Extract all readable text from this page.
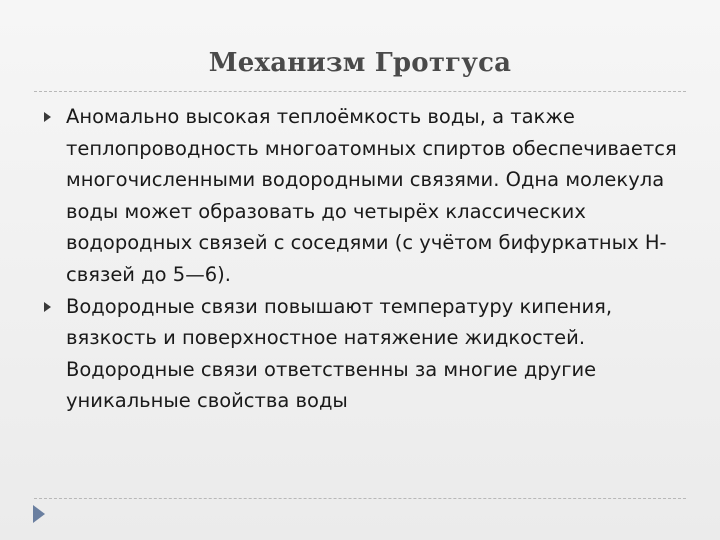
Механизм Гротгуса

Аномально высокая теплоёмкость воды, а также теплопроводность многоатомных спиртов обеспечивается многочисленными водородными связями. Одна молекула воды может образовать до четырёх классических водородных связей с соседями (с учётом бифуркатных Н-связей до 5—6).

Водородные связи повышают температуру кипения, вязкость и поверхностное натяжение жидкостей. Водородные связи ответственны за многие другие уникальные свойства воды
